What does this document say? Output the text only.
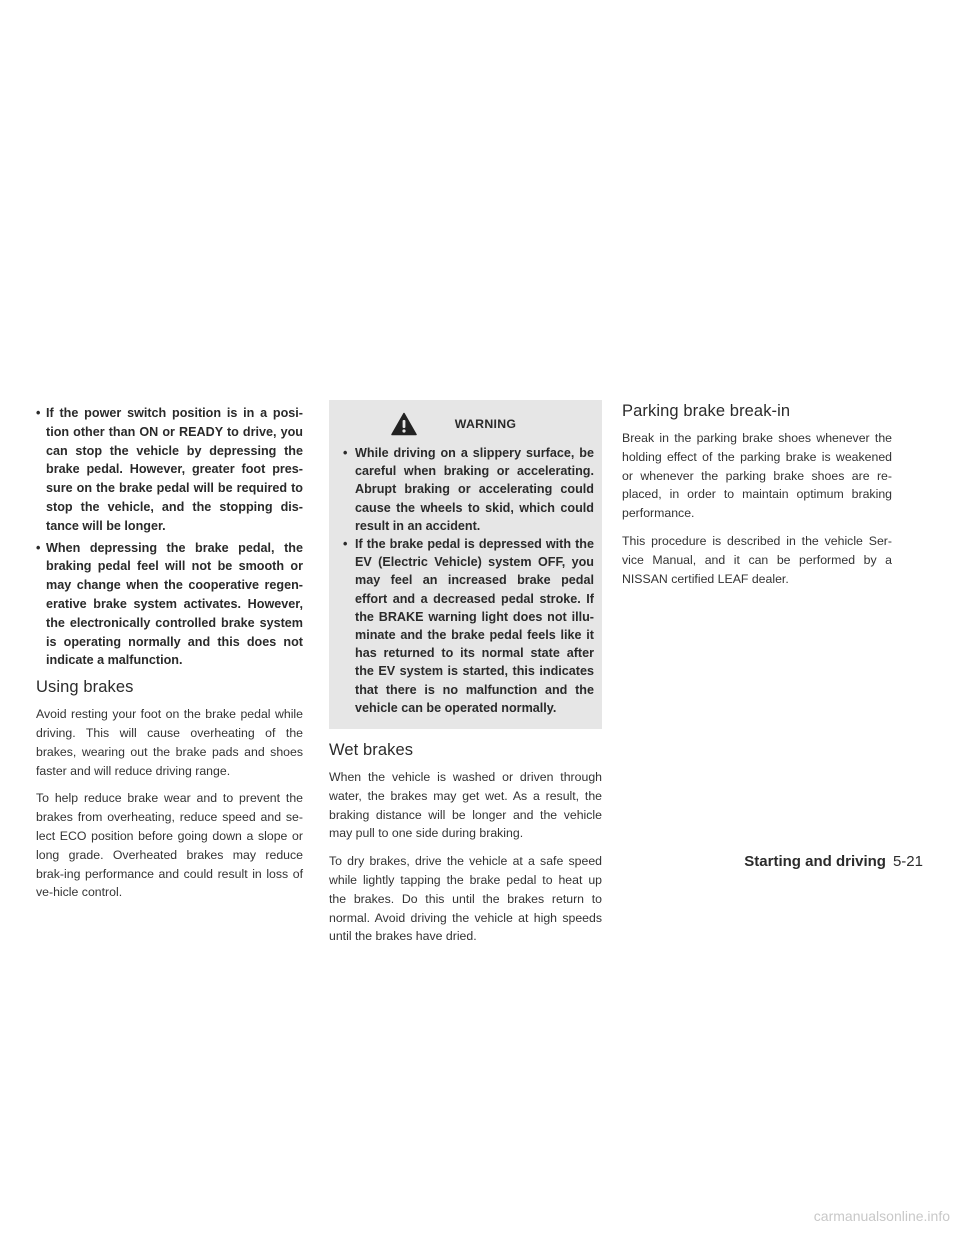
• If the power switch position is in a posi-tion other than ON or READY to drive, you can stop the vehicle by depressing the brake pedal. However, greater foot pres-sure on the brake pedal will be required to stop the vehicle, and the stopping dis-tance will be longer.
• When depressing the brake pedal, the braking pedal feel will not be smooth or may change when the cooperative regen-erative brake system activates. However, the electronically controlled brake system is operating normally and this does not indicate a malfunction.
Using brakes

Avoid resting your foot on the brake pedal while driving. This will cause overheating of the brakes, wearing out the brake pads and shoes faster and will reduce driving range.

To help reduce brake wear and to prevent the brakes from overheating, reduce speed and se-lect ECO position before going down a slope or long grade. Overheated brakes may reduce brak-ing performance and could result in loss of ve-hicle control.

WARNING
• While driving on a slippery surface, be careful when braking or accelerating. Abrupt braking or accelerating could cause the wheels to skid, which could result in an accident.
• If the brake pedal is depressed with the EV (Electric Vehicle) system OFF, you may feel an increased brake pedal effort and a decreased pedal stroke. If the BRAKE warning light does not illu-minate and the brake pedal feels like it has returned to its normal state after the EV system is started, this indicates that there is no malfunction and the vehicle can be operated normally.
Wet brakes

When the vehicle is washed or driven through water, the brakes may get wet. As a result, the braking distance will be longer and the vehicle may pull to one side during braking.

To dry brakes, drive the vehicle at a safe speed while lightly tapping the brake pedal to heat up the brakes. Do this until the brakes return to normal. Avoid driving the vehicle at high speeds until the brakes have dried.

Parking brake break-in

Break in the parking brake shoes whenever the holding effect of the parking brake is weakened or whenever the parking brake shoes are re-placed, in order to maintain optimum braking performance.

This procedure is described in the vehicle Ser-vice Manual, and it can be performed by a NISSAN certified LEAF dealer.

Starting and driving 5-21
carmanualsonline.info
